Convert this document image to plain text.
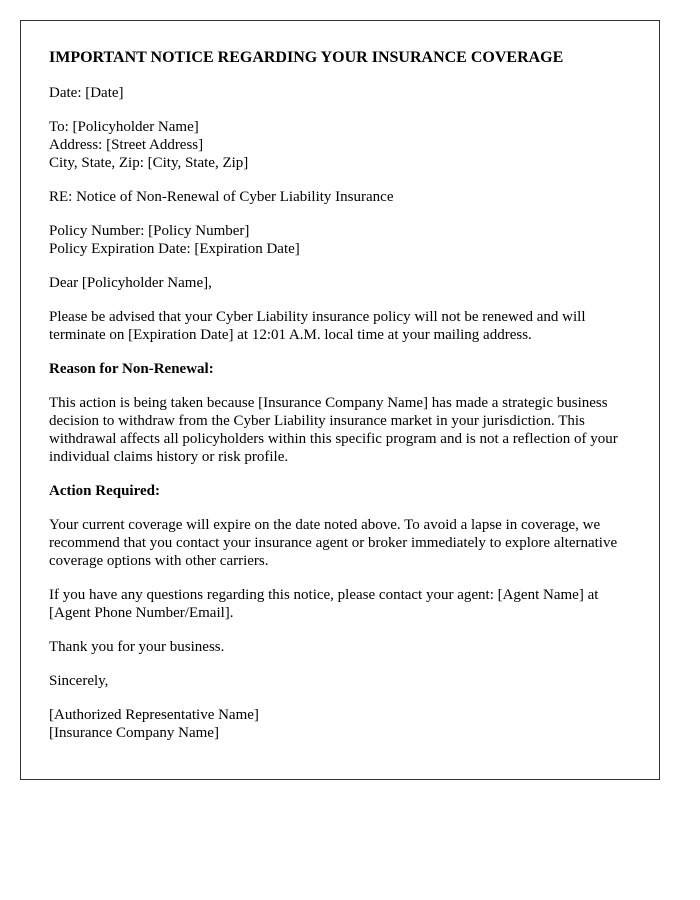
IMPORTANT NOTICE REGARDING YOUR INSURANCE COVERAGE

Date: [Date]

To: [Policyholder Name]
Address: [Street Address]
City, State, Zip: [City, State, Zip]

RE: Notice of Non-Renewal of Cyber Liability Insurance

Policy Number: [Policy Number]
Policy Expiration Date: [Expiration Date]

Dear [Policyholder Name],

Please be advised that your Cyber Liability insurance policy will not be renewed and will terminate on [Expiration Date] at 12:01 A.M. local time at your mailing address.

Reason for Non-Renewal:

This action is being taken because [Insurance Company Name] has made a strategic business decision to withdraw from the Cyber Liability insurance market in your jurisdiction. This withdrawal affects all policyholders within this specific program and is not a reflection of your individual claims history or risk profile.

Action Required:

Your current coverage will expire on the date noted above. To avoid a lapse in coverage, we recommend that you contact your insurance agent or broker immediately to explore alternative coverage options with other carriers.

If you have any questions regarding this notice, please contact your agent: [Agent Name] at [Agent Phone Number/Email].

Thank you for your business.

Sincerely,

[Authorized Representative Name]
[Insurance Company Name]
